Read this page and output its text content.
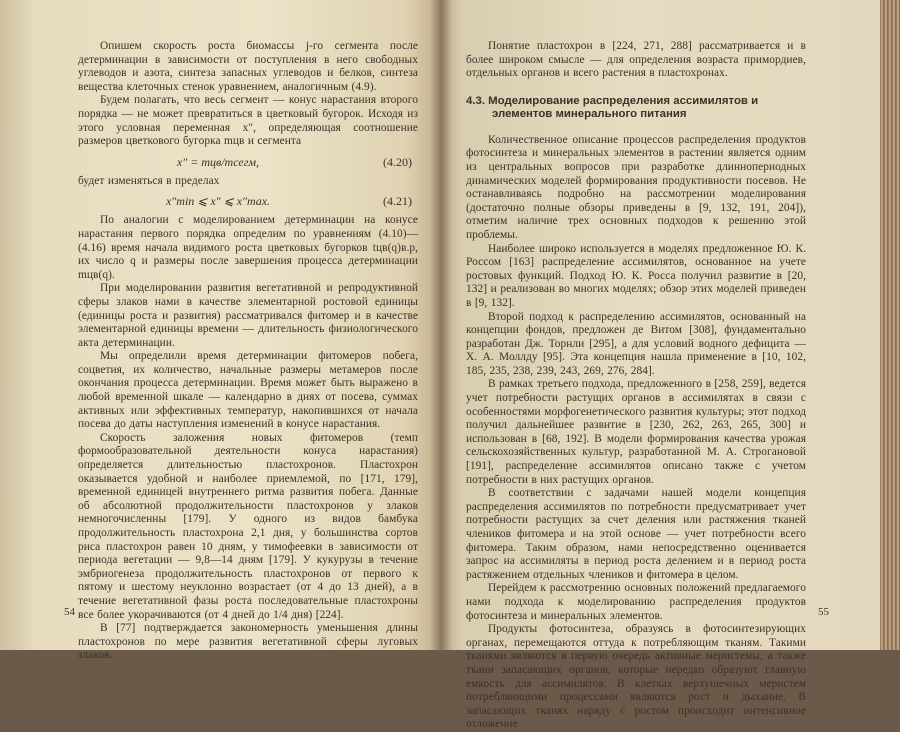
Опишем скорость роста биомассы j-го сегмента после детерминации в зависимости от поступления в него свободных углеводов и азота, синтеза запасных углеводов и белков, синтеза вещества клеточных стенок уравнением, аналогичным (4.9).

Будем полагать, что весь сегмент — конус нарастания второго порядка — не может превратиться в цветковый бугорок. Исходя из этого условная переменная x″, определяющая соотношение размеров цветкового бугорка mцв и сегмента

x″ = mцв/mсегм,	(4.20)

будет изменяться в пределах

x″min ⩽ x″ ⩽ x″max.	(4.21)

По аналогии с моделированием детерминации на конусе нарастания первого порядка определим по уравнениям (4.10)—(4.16) время начала видимого роста цветковых бугорков tцв(q)в.р, их число q и размеры после завершения процесса детерминации mцв(q).

При моделировании развития вегетативной и репродуктивной сферы злаков нами в качестве элементарной ростовой единицы (единицы роста и развития) рассматривался фитомер и в качестве элементарной единицы времени — длительность физиологического акта детерминации.

Мы определили время детерминации фитомеров побега, соцветия, их количество, начальные размеры метамеров после окончания процесса детерминации. Время может быть выражено в любой временной шкале — календарно в днях от посева, суммах активных или эффективных температур, накопившихся от начала посева до даты наступления изменений в конусе нарастания.

Скорость заложения новых фитомеров (темп формообразовательной деятельности конуса нарастания) определяется длительностью пластохронов. Пластохрон оказывается удобной и наиболее приемлемой, по [171, 179], временной единицей внутреннего ритма развития побега. Данные об абсолютной продолжительности пластохронов у злаков немногочисленны [179]. У одного из видов бамбука продолжительность пластохрона 2,1 дня, у большинства сортов риса пластохрон равен 10 дням, у тимофеевки в зависимости от периода вегетации — 9,8—14 дням [179]. У кукурузы в течение эмбриогенеза продолжительность пластохронов от первого к пятому и шестому неуклонно возрастает (от 4 до 13 дней), а в течение вегетативной фазы роста последовательные пластохроны все более укорачиваются (от 4 дней до 1/4 дня) [224].

В [77] подтверждается закономерность уменьшения длины пластохронов по мере развития вегетативной сферы луговых злаков.

54

Понятие пластохрон в [224, 271, 288] рассматривается и в более широком смысле — для определения возраста примордиев, отдельных органов и всего растения в пластохронах.

4.3. Моделирование распределения ассимилятов и элементов минерального питания

Количественное описание процессов распределения продуктов фотосинтеза и минеральных элементов в растении является одним из центральных вопросов при разработке длиннопериодных динамических моделей формирования продуктивности посевов. Не останавливаясь подробно на рассмотрении моделирования (достаточно полные обзоры приведены в [9, 132, 191, 204]), отметим наличие трех основных подходов к решению этой проблемы.

Наиболее широко используется в моделях предложенное Ю. К. Россом [163] распределение ассимилятов, основанное на учете ростовых функций. Подход Ю. К. Росса получил развитие в [20, 132] и реализован во многих моделях; обзор этих моделей приведен в [9, 132].

Второй подход к распределению ассимилятов, основанный на концепции фондов, предложен де Витом [308], фундаментально разработан Дж. Торнли [295], а для условий водного дефицита — Х. А. Моллду [95]. Эта концепция нашла применение в [10, 102, 185, 235, 238, 239, 243, 269, 276, 284].

В рамках третьего подхода, предложенного в [258, 259], ведется учет потребности растущих органов в ассимилятах в связи с особенностями морфогенетического развития культуры; этот подход получил дальнейшее развитие в [230, 262, 263, 265, 300] и использован в [68, 192]. В модели формирования качества урожая сельскохозяйственных культур, разработанной М. А. Строгановой [191], распределение ассимилятов описано также с учетом потребности в них растущих органов.

В соответствии с задачами нашей модели концепция распределения ассимилятов по потребности предусматривает учет потребности растущих за счет деления или растяжения тканей члеников фитомера и на этой основе — учет потребности всего фитомера. Таким образом, нами непосредственно оценивается запрос на ассимиляты в период роста делением и в период роста растяжением отдельных члеников и фитомера в целом.

Перейдем к рассмотрению основных положений предлагаемого нами подхода к моделированию распределения продуктов фотосинтеза и минеральных элементов.

Продукты фотосинтеза, образуясь в фотосинтезирующих органах, перемещаются оттуда к потребляющим тканям. Такими тканями являются в первую очередь активные меристемы, а также ткани запасающих органов, которые нередко образуют главную емкость для ассимилятов. В клетках верхушечных меристем потребляющими процессами являются рост и дыхание. В запасающих тканях наряду с ростом происходит интенсивное отложение

55
